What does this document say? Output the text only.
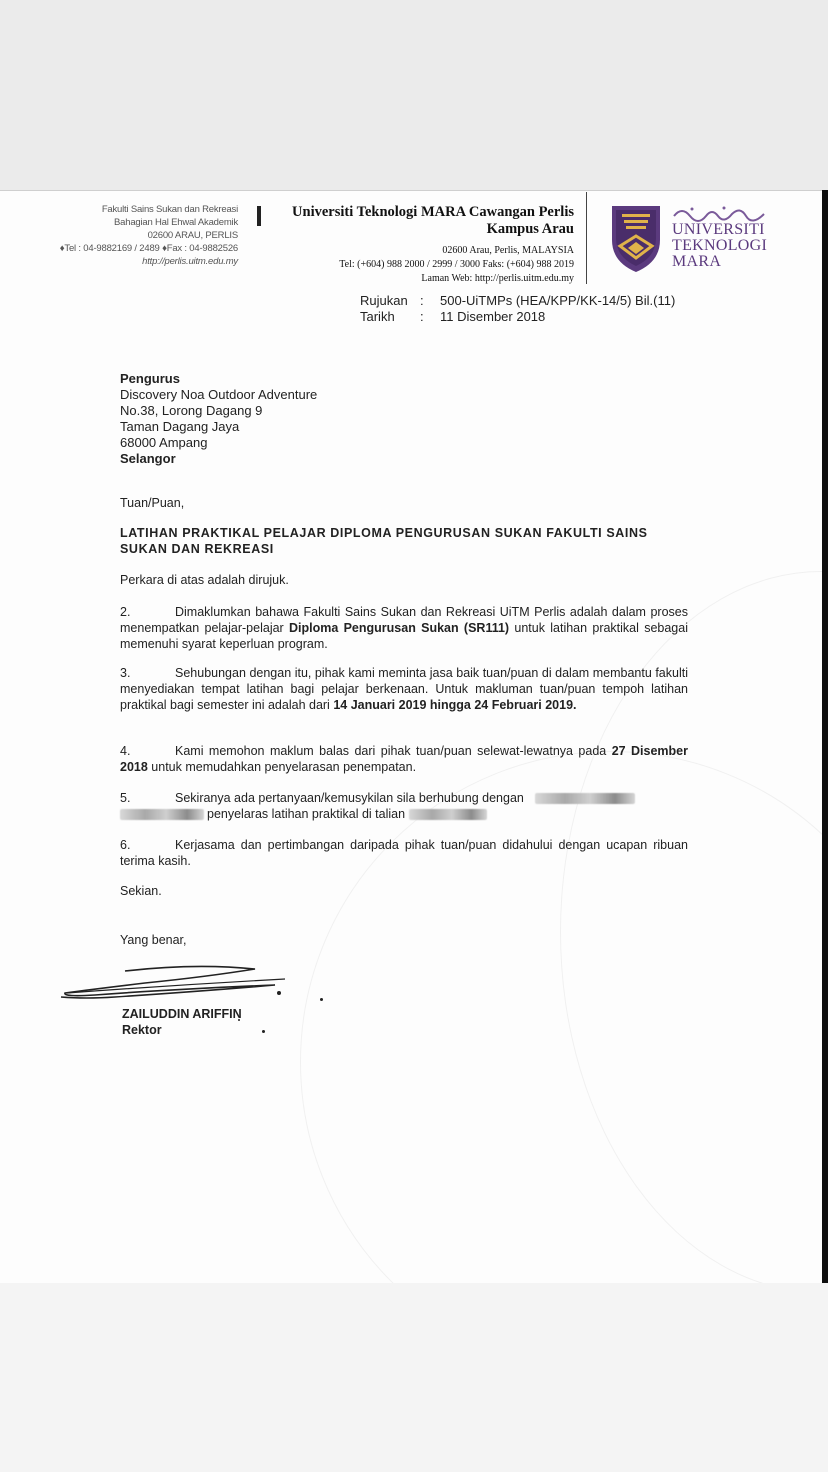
Fakulti Sains Sukan dan Rekreasi
Bahagian Hal Ehwal Akademik
02600 ARAU, PERLIS
♦Tel : 04-9882169 / 2489 ♦Fax : 04-9882526
http://perlis.uitm.edu.my
Universiti Teknologi MARA Cawangan Perlis
Kampus Arau
02600 Arau, Perlis, MALAYSIA
Tel: (+604) 988 2000 / 2999 / 3000 Faks: (+604) 988 2019
Laman Web: http://perlis.uitm.edu.my
UNIVERSITI
TEKNOLOGI
MARA
Rujukan : 500-UiTMPs (HEA/KPP/KK-14/5) Bil.(11)
Tarikh : 11 Disember 2018
Pengurus
Discovery Noa Outdoor Adventure
No.38, Lorong Dagang 9
Taman Dagang Jaya
68000 Ampang
Selangor
Tuan/Puan,
LATIHAN PRAKTIKAL PELAJAR DIPLOMA PENGURUSAN SUKAN FAKULTI SAINS SUKAN DAN REKREASI
Perkara di atas adalah dirujuk.
2.	Dimaklumkan bahawa Fakulti Sains Sukan dan Rekreasi UiTM Perlis adalah dalam proses menempatkan pelajar-pelajar Diploma Pengurusan Sukan (SR111) untuk latihan praktikal sebagai memenuhi syarat keperluan program.
3.	Sehubungan dengan itu, pihak kami meminta jasa baik tuan/puan di dalam membantu fakulti menyediakan tempat latihan bagi pelajar berkenaan. Untuk makluman tuan/puan tempoh latihan praktikal bagi semester ini adalah dari 14 Januari 2019 hingga 24 Februari 2019.
4.	Kami memohon maklum balas dari pihak tuan/puan selewat-lewatnya pada 27 Disember 2018 untuk memudahkan penyelarasan penempatan.
5.	Sekiranya ada pertanyaan/kemusykilan sila berhubung dengan
penyelaras latihan praktikal di talian
6.	Kerjasama dan pertimbangan daripada pihak tuan/puan didahului dengan ucapan ribuan terima kasih.
Sekian.
Yang benar,
ZAILUDDIN ARIFFIN
Rektor
